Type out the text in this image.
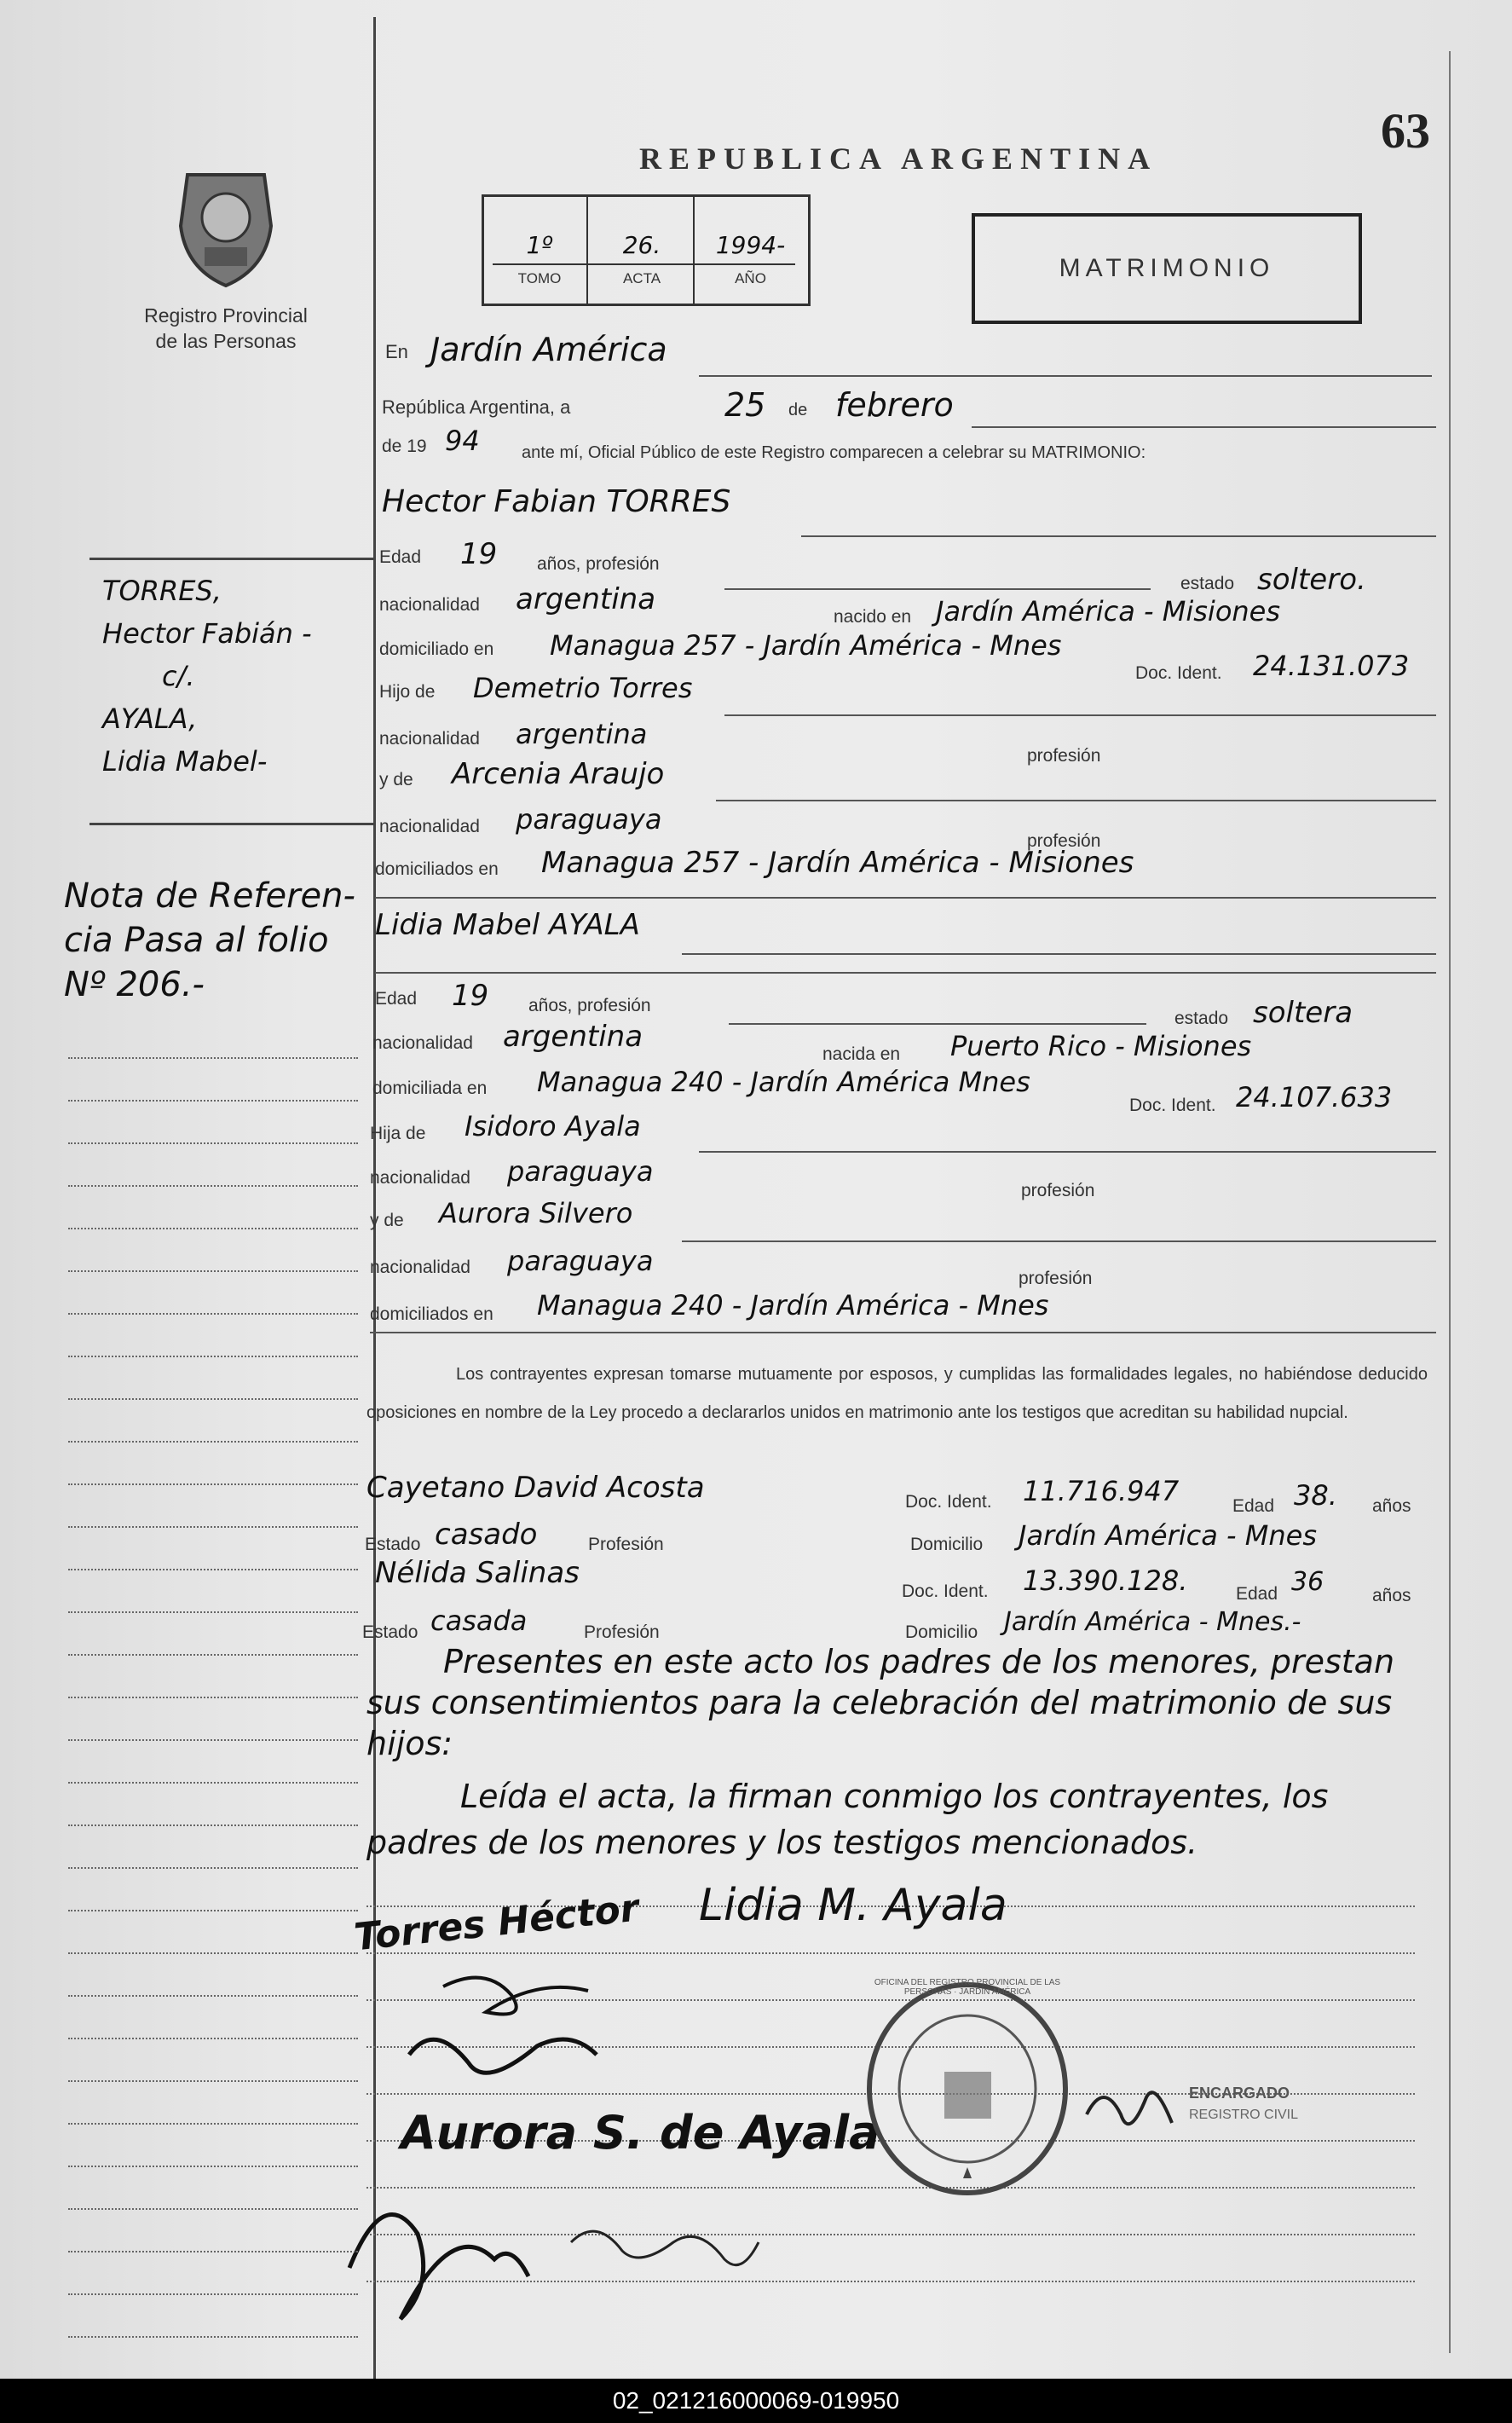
Registro Provincial
de las Personas
REPUBLICA ARGENTINA	63
1º	26.	1994-
TOMO	ACTA	AÑO	MATRIMONIO
En Jardín América
República Argentina, a	25 de febrero
de 19 94 ante mí, Oficial Público de este Registro comparecen a celebrar su MATRIMONIO:
Hector Fabian TORRES
Edad 19 años, profesión
estado soltero.
nacionalidad argentina
nacido en Jardín América - Misiones
domiciliado en Managua 257 - Jardín América - Mnes
Doc. Ident. 24.131.073
Hijo de Demetrio Torres
nacionalidad argentina
profesión
y de Arcenia Araujo
nacionalidad paraguaya
profesión
domiciliados en Managua 257 - Jardín América - Misiones
Lidia Mabel AYALA
Edad 19 años, profesión
estado soltera
nacionalidad argentina
nacida en Puerto Rico - Misiones
domiciliada en Managua 240 - Jardín América Mnes
Doc. Ident. 24.107.633
Hija de Isidoro Ayala
nacionalidad paraguaya
profesión
y de Aurora Silvero
nacionalidad paraguaya
profesión
domiciliados en Managua 240 - Jardín América - Mnes
Los contrayentes expresan tomarse mutuamente por esposos, y cumplidas las formalidades legales, no habiéndose deducido oposiciones en nombre de la Ley procedo a declararlos unidos en matrimonio ante los testigos que acreditan su habilidad nupcial.
Cayetano David Acosta	Doc. Ident. 11.716.947	Edad 38. años
Estado casado	Profesión	Domicilio Jardín América - Mnes
Nélida Salinas
Doc. Ident. 13.390.128.	Edad 36	años
Estado casada	Profesión	Domicilio Jardín América - Mnes.-
Presentes en este acto los padres de los menores, prestan sus consentimientos para la celebración del matrimonio de sus hijos:
Leída el acta, la firman conmigo los contrayentes, los padres de los menores y los testigos mencionados.
Torres Héctor Lidia M. Ayala
Aurora S. de Ayala
OFICINA DEL REGISTRO PROVINCIAL DE LAS PERSONAS · JARDÍN AMÉRICA
ENCARGADO
REGISTRO CIVIL
TORRES,
Hector Fabián -
c/.
AYALA,
Lidia Mabel-
Nota de Referen-
cia Pasa al folio
Nº 206.-
02_021216000069-019950
